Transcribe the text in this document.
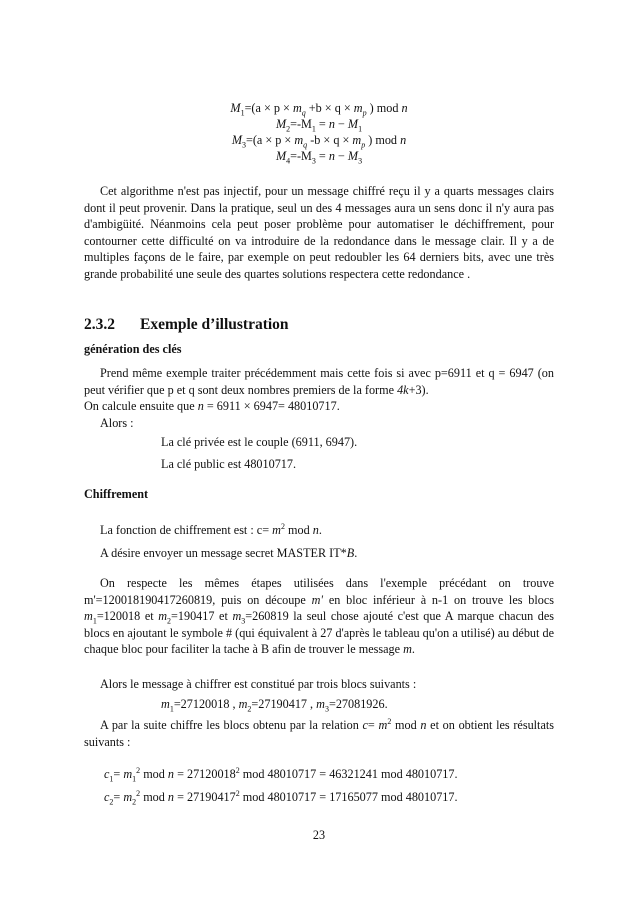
$M_1=(a \times p \times m_q +b \times q \times m_p$ ) mod n
$M_2=-M_1 = n - M_1$
$M_3=(a \times p \times m_q$ $-b \times q \times m_p$ ) mod n
$M_4=-M_3 = n - M_3$

Cet algorithme n'est pas injectif, pour un message chiffré reçu il y a quarts messages clairs dont il peut provenir. Dans la pratique, seul un des 4 messages aura un sens donc il n'y aura pas d'ambigüité. Néanmoins cela peut poser problème pour automatiser le déchiffrement, pour contourner cette difficulté on va introduire de la redondance dans le message clair. Il y a de multiples façons de le faire, par exemple on peut redoubler les 64 derniers bits, avec une très grande probabilité une seule des quartes solutions respectera cette redondance .

2.3.2 Exemple d’illustration
génération des clés

Prend même exemple traiter précédemment mais cette fois si avec p=6911 et q = 6947 (on peut vérifier que p et q sont deux nombres premiers de la forme 4k+3).

On calcule ensuite que n = 6911 × 6947= 48010717.

Alors :

La clé privée est le couple (6911, 6947).
La clé public est 48010717.
Chiffrement
La fonction de chiffrement est : $c= m^2$ mod n.
A désire envoyer un message secret MASTER IT*B.

On respecte les mêmes étapes utilisées dans l'exemple précédant on trouve m'=120018190417260819, puis on découpe m' en bloc inférieur à n-1 on trouve les blocs $m_1=120018$ et $m_2=190417$ et $m_3=260819$ la seul chose ajouté c'est que A marque chacun des blocs en ajoutant le symbole # (qui équivalent à 27 d'après le tableau qu'on a utilisé) au début de chaque bloc pour faciliter la tache à B afin de trouver le message m.

Alors le message à chiffrer est constitué par trois blocs suivants :
$m_1=27120018$ , $m_2=27190417$ , $m_3=27081926$.

A par la suite chiffre les blocs obtenu par la relation $c= m^2$ mod n et on obtient les résultats suivants :

$c_1= m_1^2$ mod $n = 27120018^2$ mod 48010717 = 46321241 mod 48010717.
$c_2= m_2^2$ mod $n = 27190417^2$ mod 48010717 = 17165077 mod 48010717.
23
